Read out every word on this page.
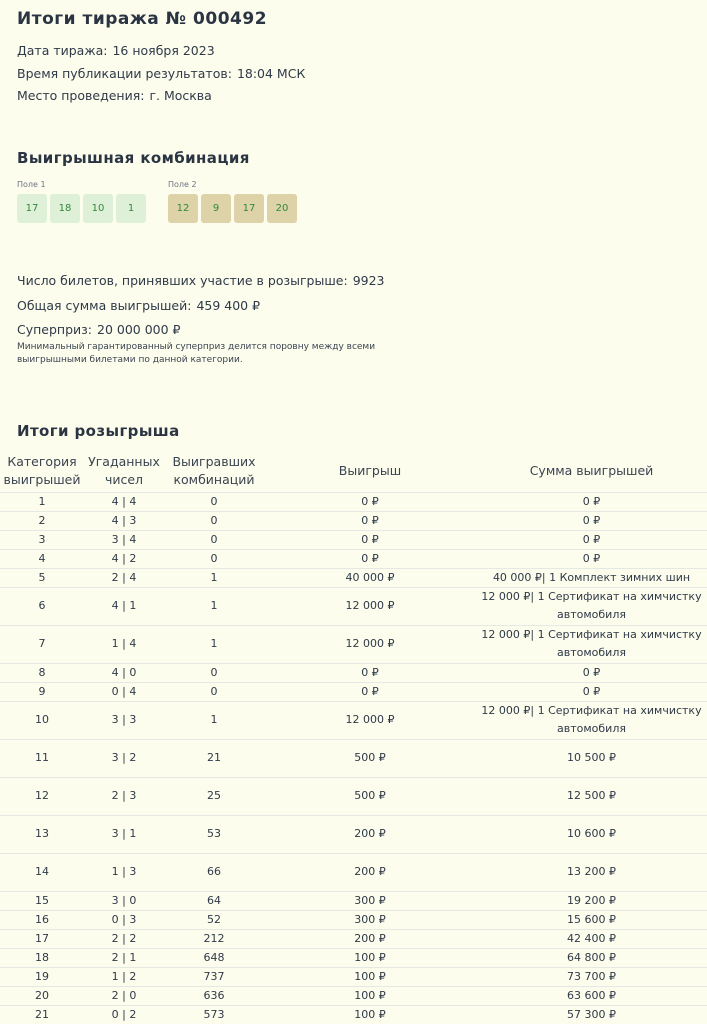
Итоги тиража № 000492
Дата тиража: 16 ноября 2023
Время публикации результатов: 18:04 МСК
Место проведения: г. Москва
Выигрышная комбинация
Поле 1
17	18	10	1
Поле 2
12	9	17	20
Число билетов, принявших участие в розыгрыше: 9923
Общая сумма выигрышей: 459 400 ₽
Суперприз: 20 000 000 ₽
Минимальный гарантированный суперприз делится поровну между всеми выигрышными билетами по данной категории.
Итоги розыгрыша
Категория выигрышей	Угаданных чисел	Выигравших комбинаций	Выигрыш	Сумма выигрышей
1	4 | 4	0	0 ₽	0 ₽
2	4 | 3	0	0 ₽	0 ₽
3	3 | 4	0	0 ₽	0 ₽
4	4 | 2	0	0 ₽	0 ₽
5	2 | 4	1	40 000 ₽	40 000 ₽| 1 Комплект зимних шин
6	4 | 1	1	12 000 ₽	12 000 ₽| 1 Сертификат на химчистку автомобиля
7	1 | 4	1	12 000 ₽	12 000 ₽| 1 Сертификат на химчистку автомобиля
8	4 | 0	0	0 ₽	0 ₽
9	0 | 4	0	0 ₽	0 ₽
10	3 | 3	1	12 000 ₽	12 000 ₽| 1 Сертификат на химчистку автомобиля
11	3 | 2	21	500 ₽	10 500 ₽
12	2 | 3	25	500 ₽	12 500 ₽
13	3 | 1	53	200 ₽	10 600 ₽
14	1 | 3	66	200 ₽	13 200 ₽
15	3 | 0	64	300 ₽	19 200 ₽
16	0 | 3	52	300 ₽	15 600 ₽
17	2 | 2	212	200 ₽	42 400 ₽
18	2 | 1	648	100 ₽	64 800 ₽
19	1 | 2	737	100 ₽	73 700 ₽
20	2 | 0	636	100 ₽	63 600 ₽
21	0 | 2	573	100 ₽	57 300 ₽
